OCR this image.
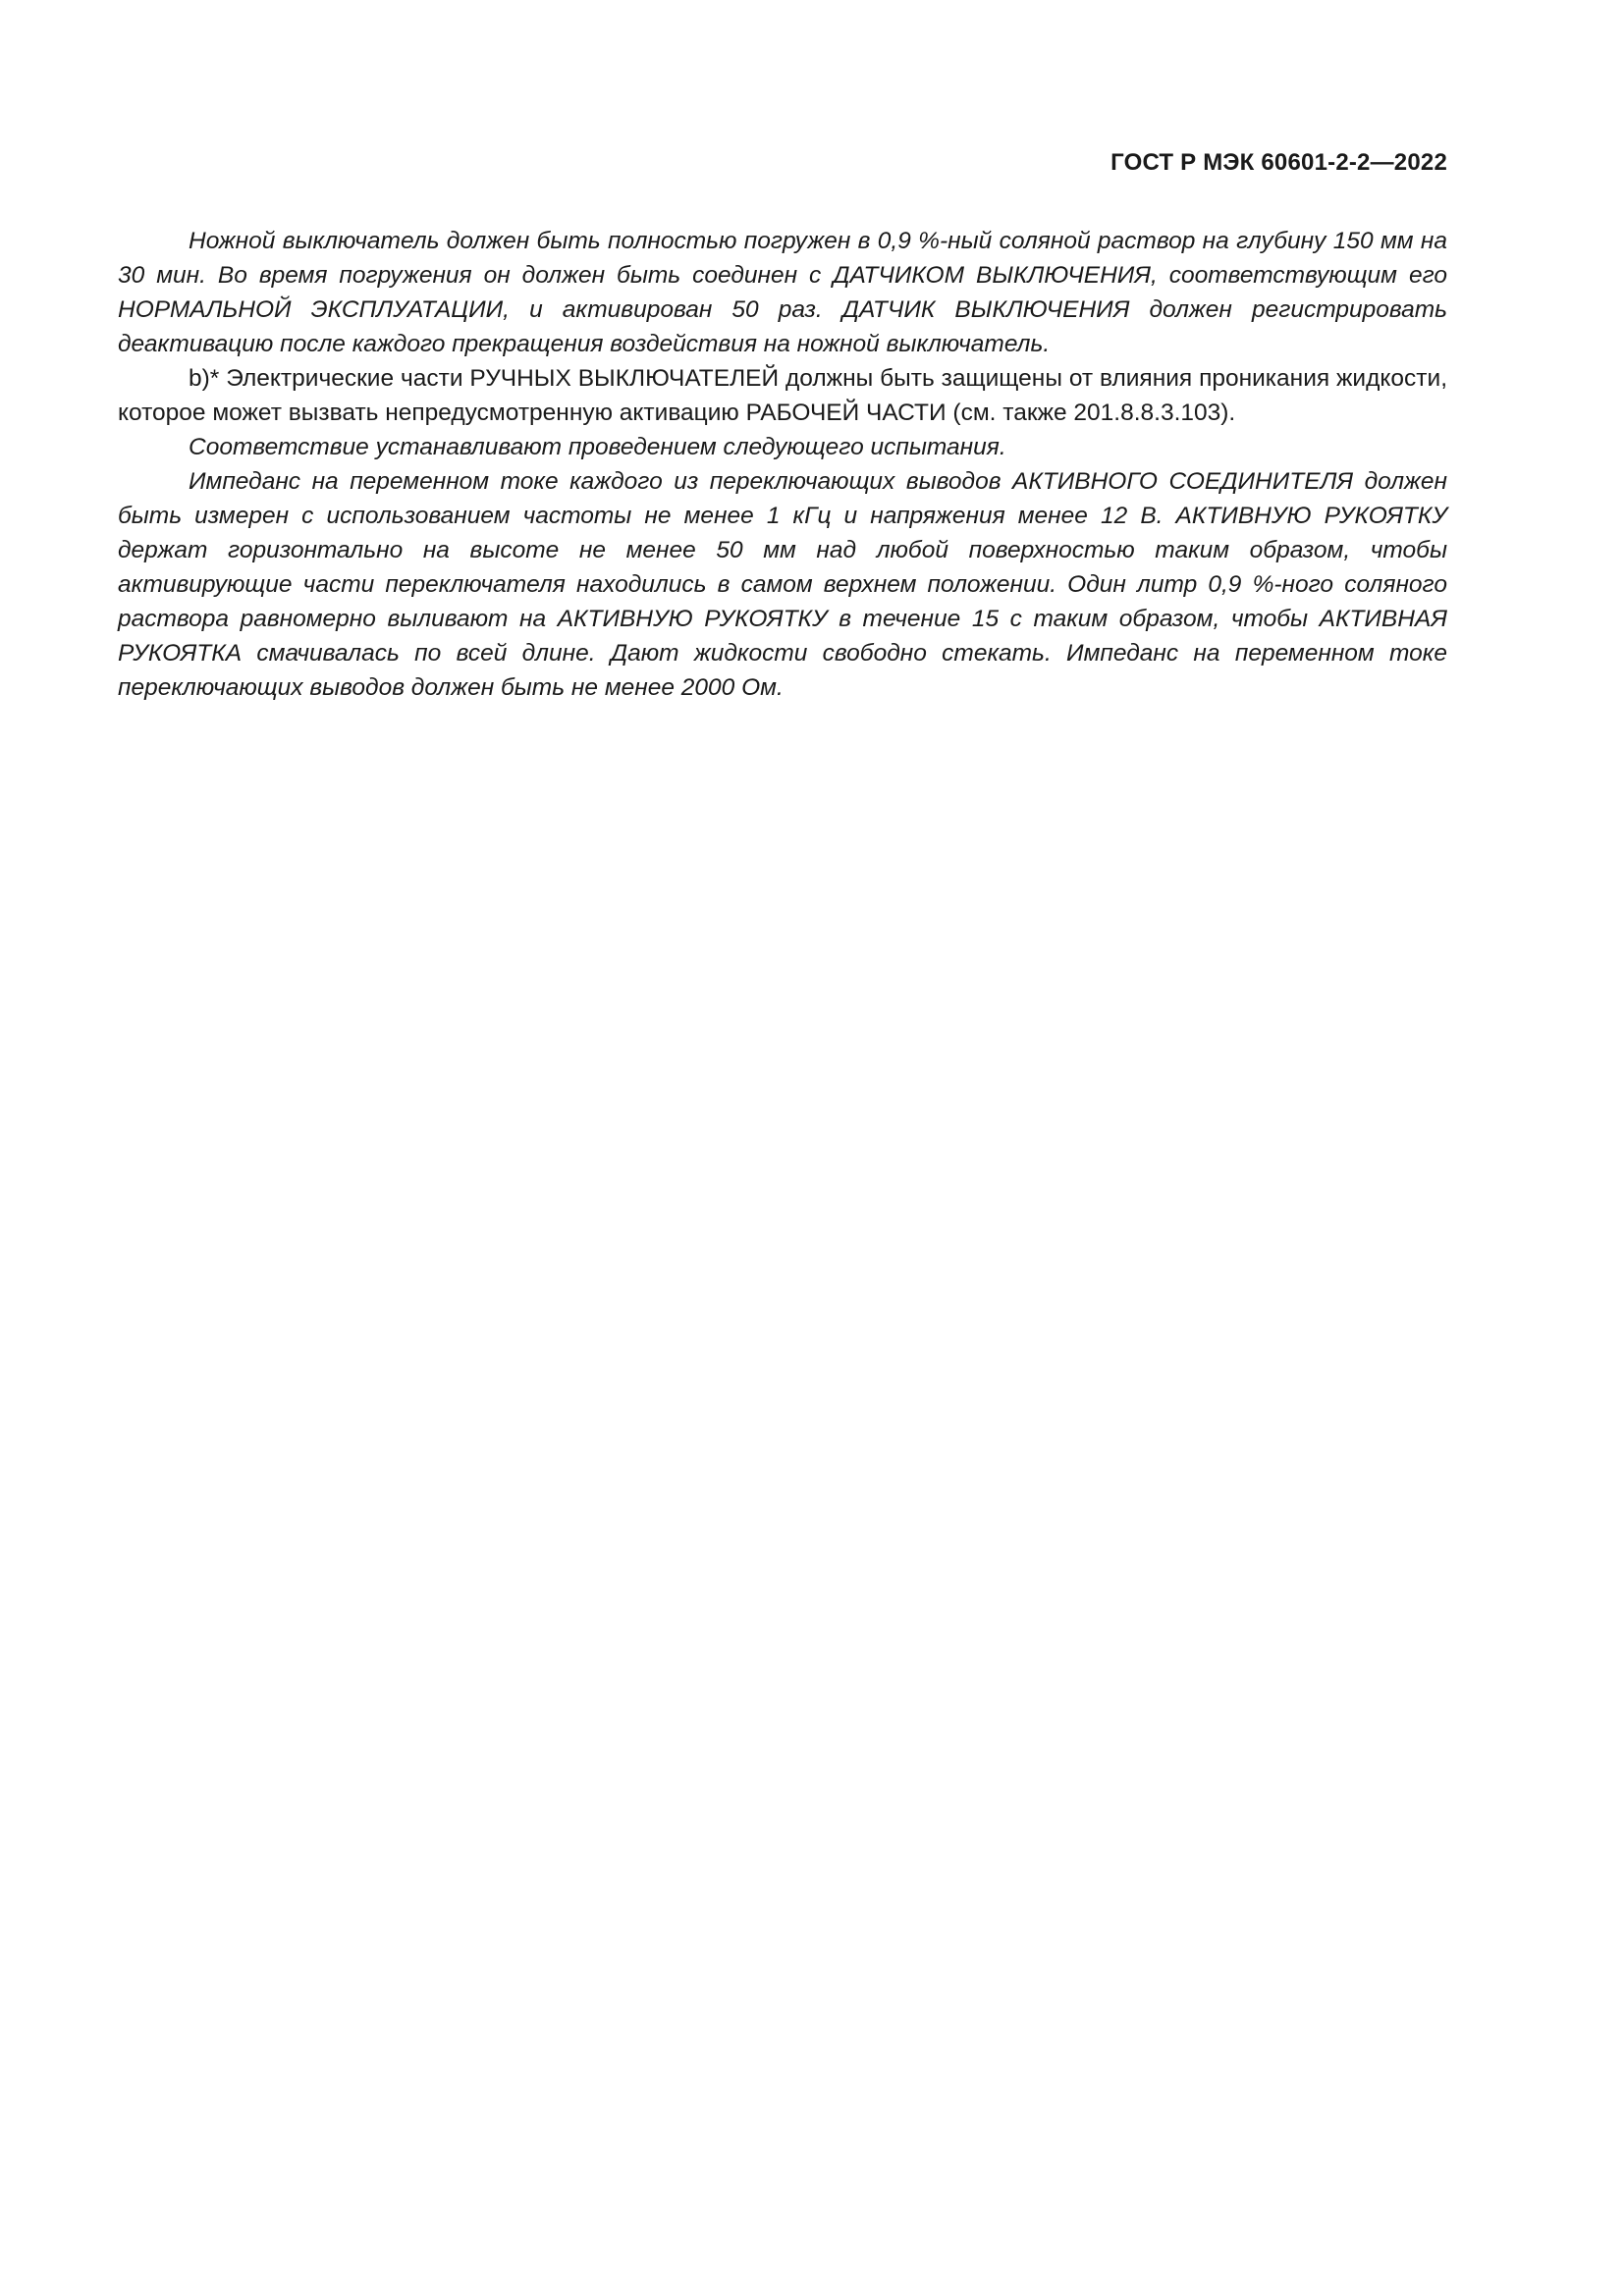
ГОСТ Р МЭК 60601-2-2—2022

Ножной выключатель должен быть полностью погружен в 0,9 %-ный соляной раствор на глубину 150 мм на 30 мин. Во время погружения он должен быть соединен с ДАТЧИКОМ ВЫКЛЮЧЕНИЯ, соответствующим его НОРМАЛЬНОЙ ЭКСПЛУАТАЦИИ, и активирован 50 раз. ДАТЧИК ВЫКЛЮЧЕНИЯ должен регистрировать деактивацию после каждого прекращения воздействия на ножной выключатель.

b)* Электрические части РУЧНЫХ ВЫКЛЮЧАТЕЛЕЙ должны быть защищены от влияния проникания жидкости, которое может вызвать непредусмотренную активацию РАБОЧЕЙ ЧАСТИ (см. также 201.8.8.3.103).

Соответствие устанавливают проведением следующего испытания.

Импеданс на переменном токе каждого из переключающих выводов АКТИВНОГО СОЕДИНИТЕЛЯ должен быть измерен с использованием частоты не менее 1 кГц и напряжения менее 12 В. АКТИВНУЮ РУКОЯТКУ держат горизонтально на высоте не менее 50 мм над любой поверхностью таким образом, чтобы активирующие части переключателя находились в самом верхнем положении. Один литр 0,9 %-ного соляного раствора равномерно выливают на АКТИВНУЮ РУКОЯТКУ в течение 15 с таким образом, чтобы АКТИВНАЯ РУКОЯТКА смачивалась по всей длине. Дают жидкости свободно стекать. Импеданс на переменном токе переключающих выводов должен быть не менее 2000 Ом.
